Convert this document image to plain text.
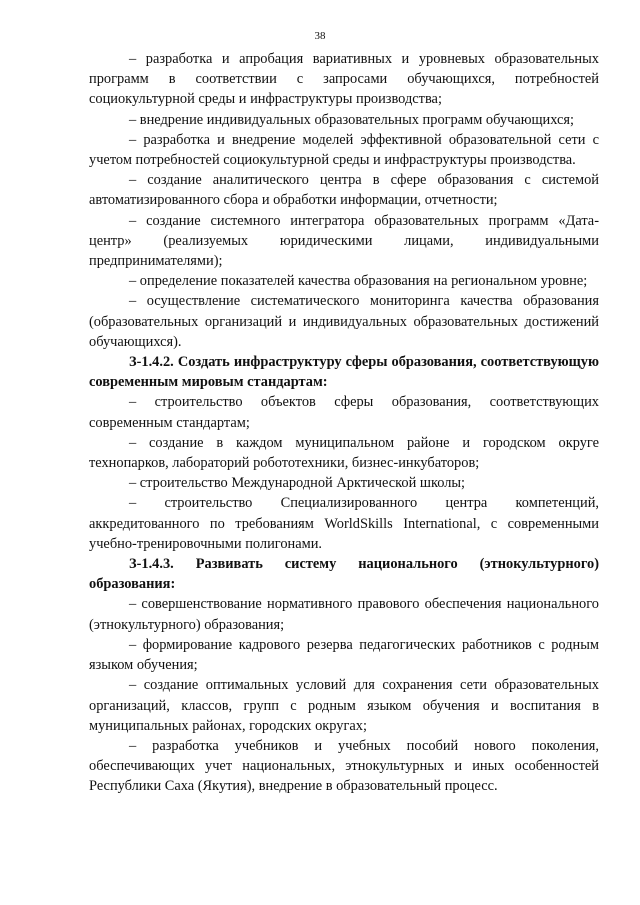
38

– разработка и апробация вариативных и уровневых образовательных программ в соответствии с запросами обучающихся, потребностей социокультурной среды и инфраструктуры производства;

– внедрение индивидуальных образовательных программ обучающихся;

– разработка и внедрение моделей эффективной образовательной сети с учетом потребностей социокультурной среды и инфраструктуры производства.

– создание аналитического центра в сфере образования с системой автоматизированного сбора и обработки информации, отчетности;

– создание системного интегратора образовательных программ «Дата-центр» (реализуемых юридическими лицами, индивидуальными предпринимателями);

– определение показателей качества образования на региональном уровне;

– осуществление систематического мониторинга качества образования (образовательных организаций и индивидуальных образовательных достижений обучающихся).

З-1.4.2. Создать инфраструктуру сферы образования, соответствующую современным мировым стандартам:

– строительство объектов сферы образования, соответствующих современным стандартам;

– создание в каждом муниципальном районе и городском округе технопарков, лабораторий робототехники, бизнес-инкубаторов;

– строительство Международной Арктической школы;

– строительство Специализированного центра компетенций, аккредитованного по требованиям WorldSkills International, с современными учебно-тренировочными полигонами.

З-1.4.3. Развивать систему национального (этнокультурного) образования:

– совершенствование нормативного правового обеспечения национального (этнокультурного) образования;

– формирование кадрового резерва педагогических работников с родным языком обучения;

– создание оптимальных условий для сохранения сети образовательных организаций, классов, групп с родным языком обучения и воспитания в муниципальных районах, городских округах;

– разработка учебников и учебных пособий нового поколения, обеспечивающих учет национальных, этнокультурных и иных особенностей Республики Саха (Якутия), внедрение в образовательный процесс.
